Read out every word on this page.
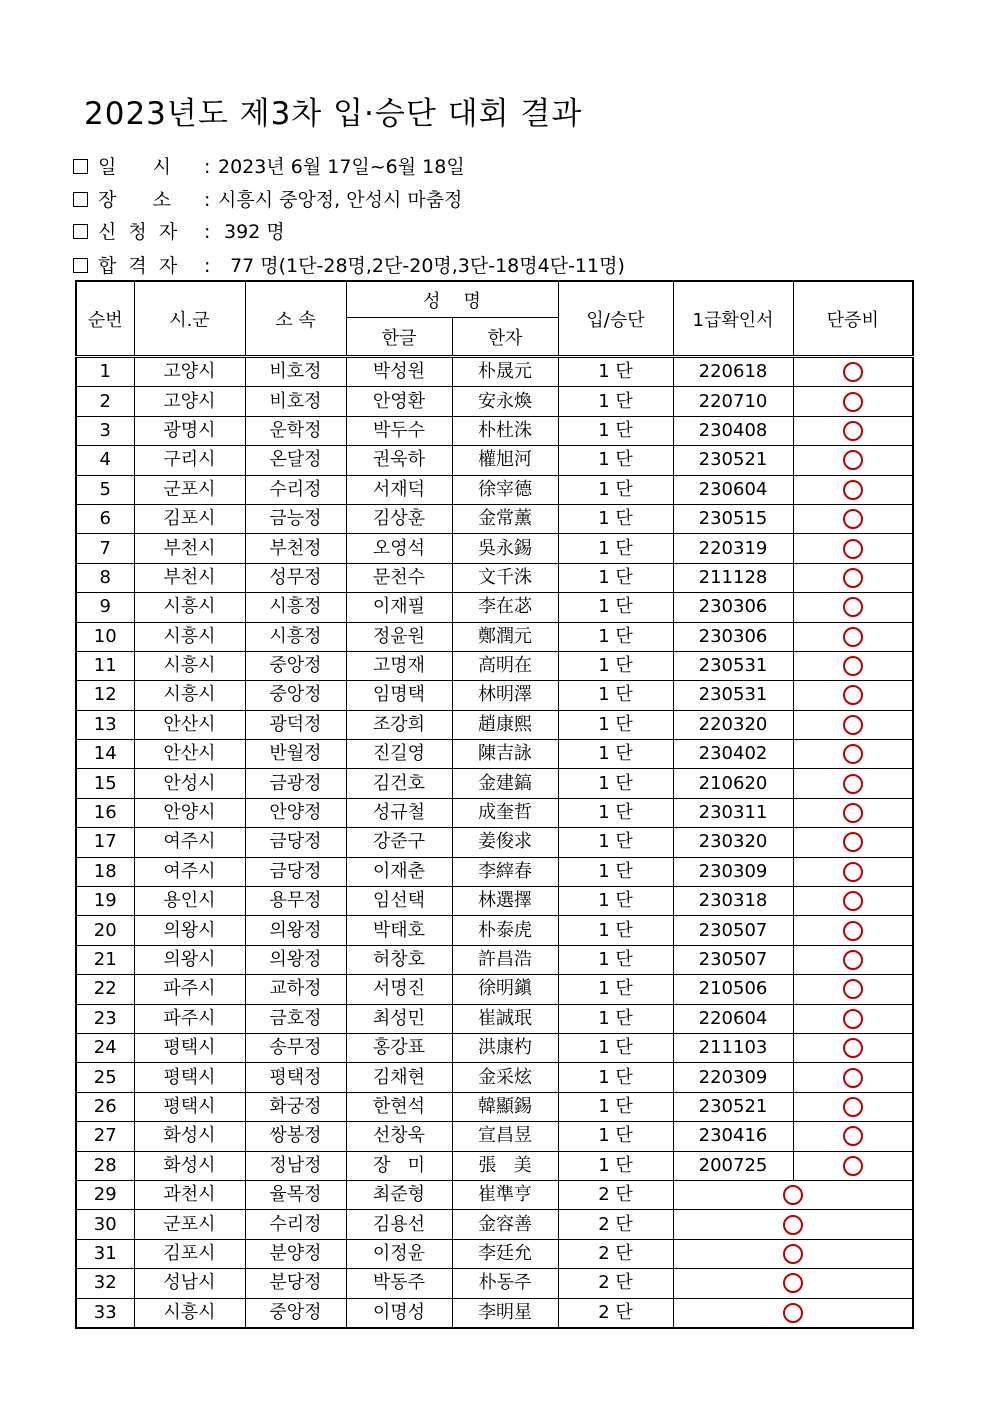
2023년도 제3차 입·승단 대회 결과
일      시 : 2023년 6월 17일~6월 18일
장      소 : 시흥시 중앙정, 안성시 마춤정
신  청  자 : 392 명
합  격  자 :  77 명(1단-28명,2단-20명,3단-18명4단-11명)
순번	시.군	소 속	성    명		입/승단	1급확인서	단증비
			한글	한자			
1	고양시	비호정	박성원	朴晟元	1 단	220618	
2	고양시	비호정	안영환	安永煥	1 단	220710	
3	광명시	운학정	박두수	朴杜洙	1 단	230408	
4	구리시	온달정	권욱하	權旭河	1 단	230521	
5	군포시	수리정	서재덕	徐宰德	1 단	230604	
6	김포시	금능정	김상훈	金常薰	1 단	230515	
7	부천시	부천정	오영석	吳永錫	1 단	220319	
8	부천시	성무정	문천수	文千洙	1 단	211128	
9	시흥시	시흥정	이재필	李在苾	1 단	230306	
10	시흥시	시흥정	정윤원	鄭潤元	1 단	230306	
11	시흥시	중앙정	고명재	高明在	1 단	230531	
12	시흥시	중앙정	임명택	林明澤	1 단	230531	
13	안산시	광덕정	조강희	趙康熙	1 단	220320	
14	안산시	반월정	진길영	陳吉詠	1 단	230402	
15	안성시	금광정	김건호	金建鎬	1 단	210620	
16	안양시	안양정	성규철	成奎哲	1 단	230311	
17	여주시	금당정	강준구	姜俊求	1 단	230320	
18	여주시	금당정	이재춘	李縡春	1 단	230309	
19	용인시	용무정	임선택	林選擇	1 단	230318	
20	의왕시	의왕정	박태호	朴泰虎	1 단	230507	
21	의왕시	의왕정	허창호	許昌浩	1 단	230507	
22	파주시	교하정	서명진	徐明鎭	1 단	210506	
23	파주시	금호정	최성민	崔誠珉	1 단	220604	
24	평택시	송무정	홍강표	洪康杓	1 단	211103	
25	평택시	평택정	김채현	金采炫	1 단	220309	
26	평택시	화궁정	한현석	韓顯錫	1 단	230521	
27	화성시	쌍봉정	선창욱	宣昌昱	1 단	230416	
28	화성시	정남정	장   미	張   美	1 단	200725	
29	과천시	율목정	최준형	崔準亨	2 단		
30	군포시	수리정	김용선	金容善	2 단		
31	김포시	분양정	이정윤	李廷允	2 단		
32	성남시	분당정	박동주	朴동주	2 단		
33	시흥시	중앙정	이명성	李明星	2 단		
